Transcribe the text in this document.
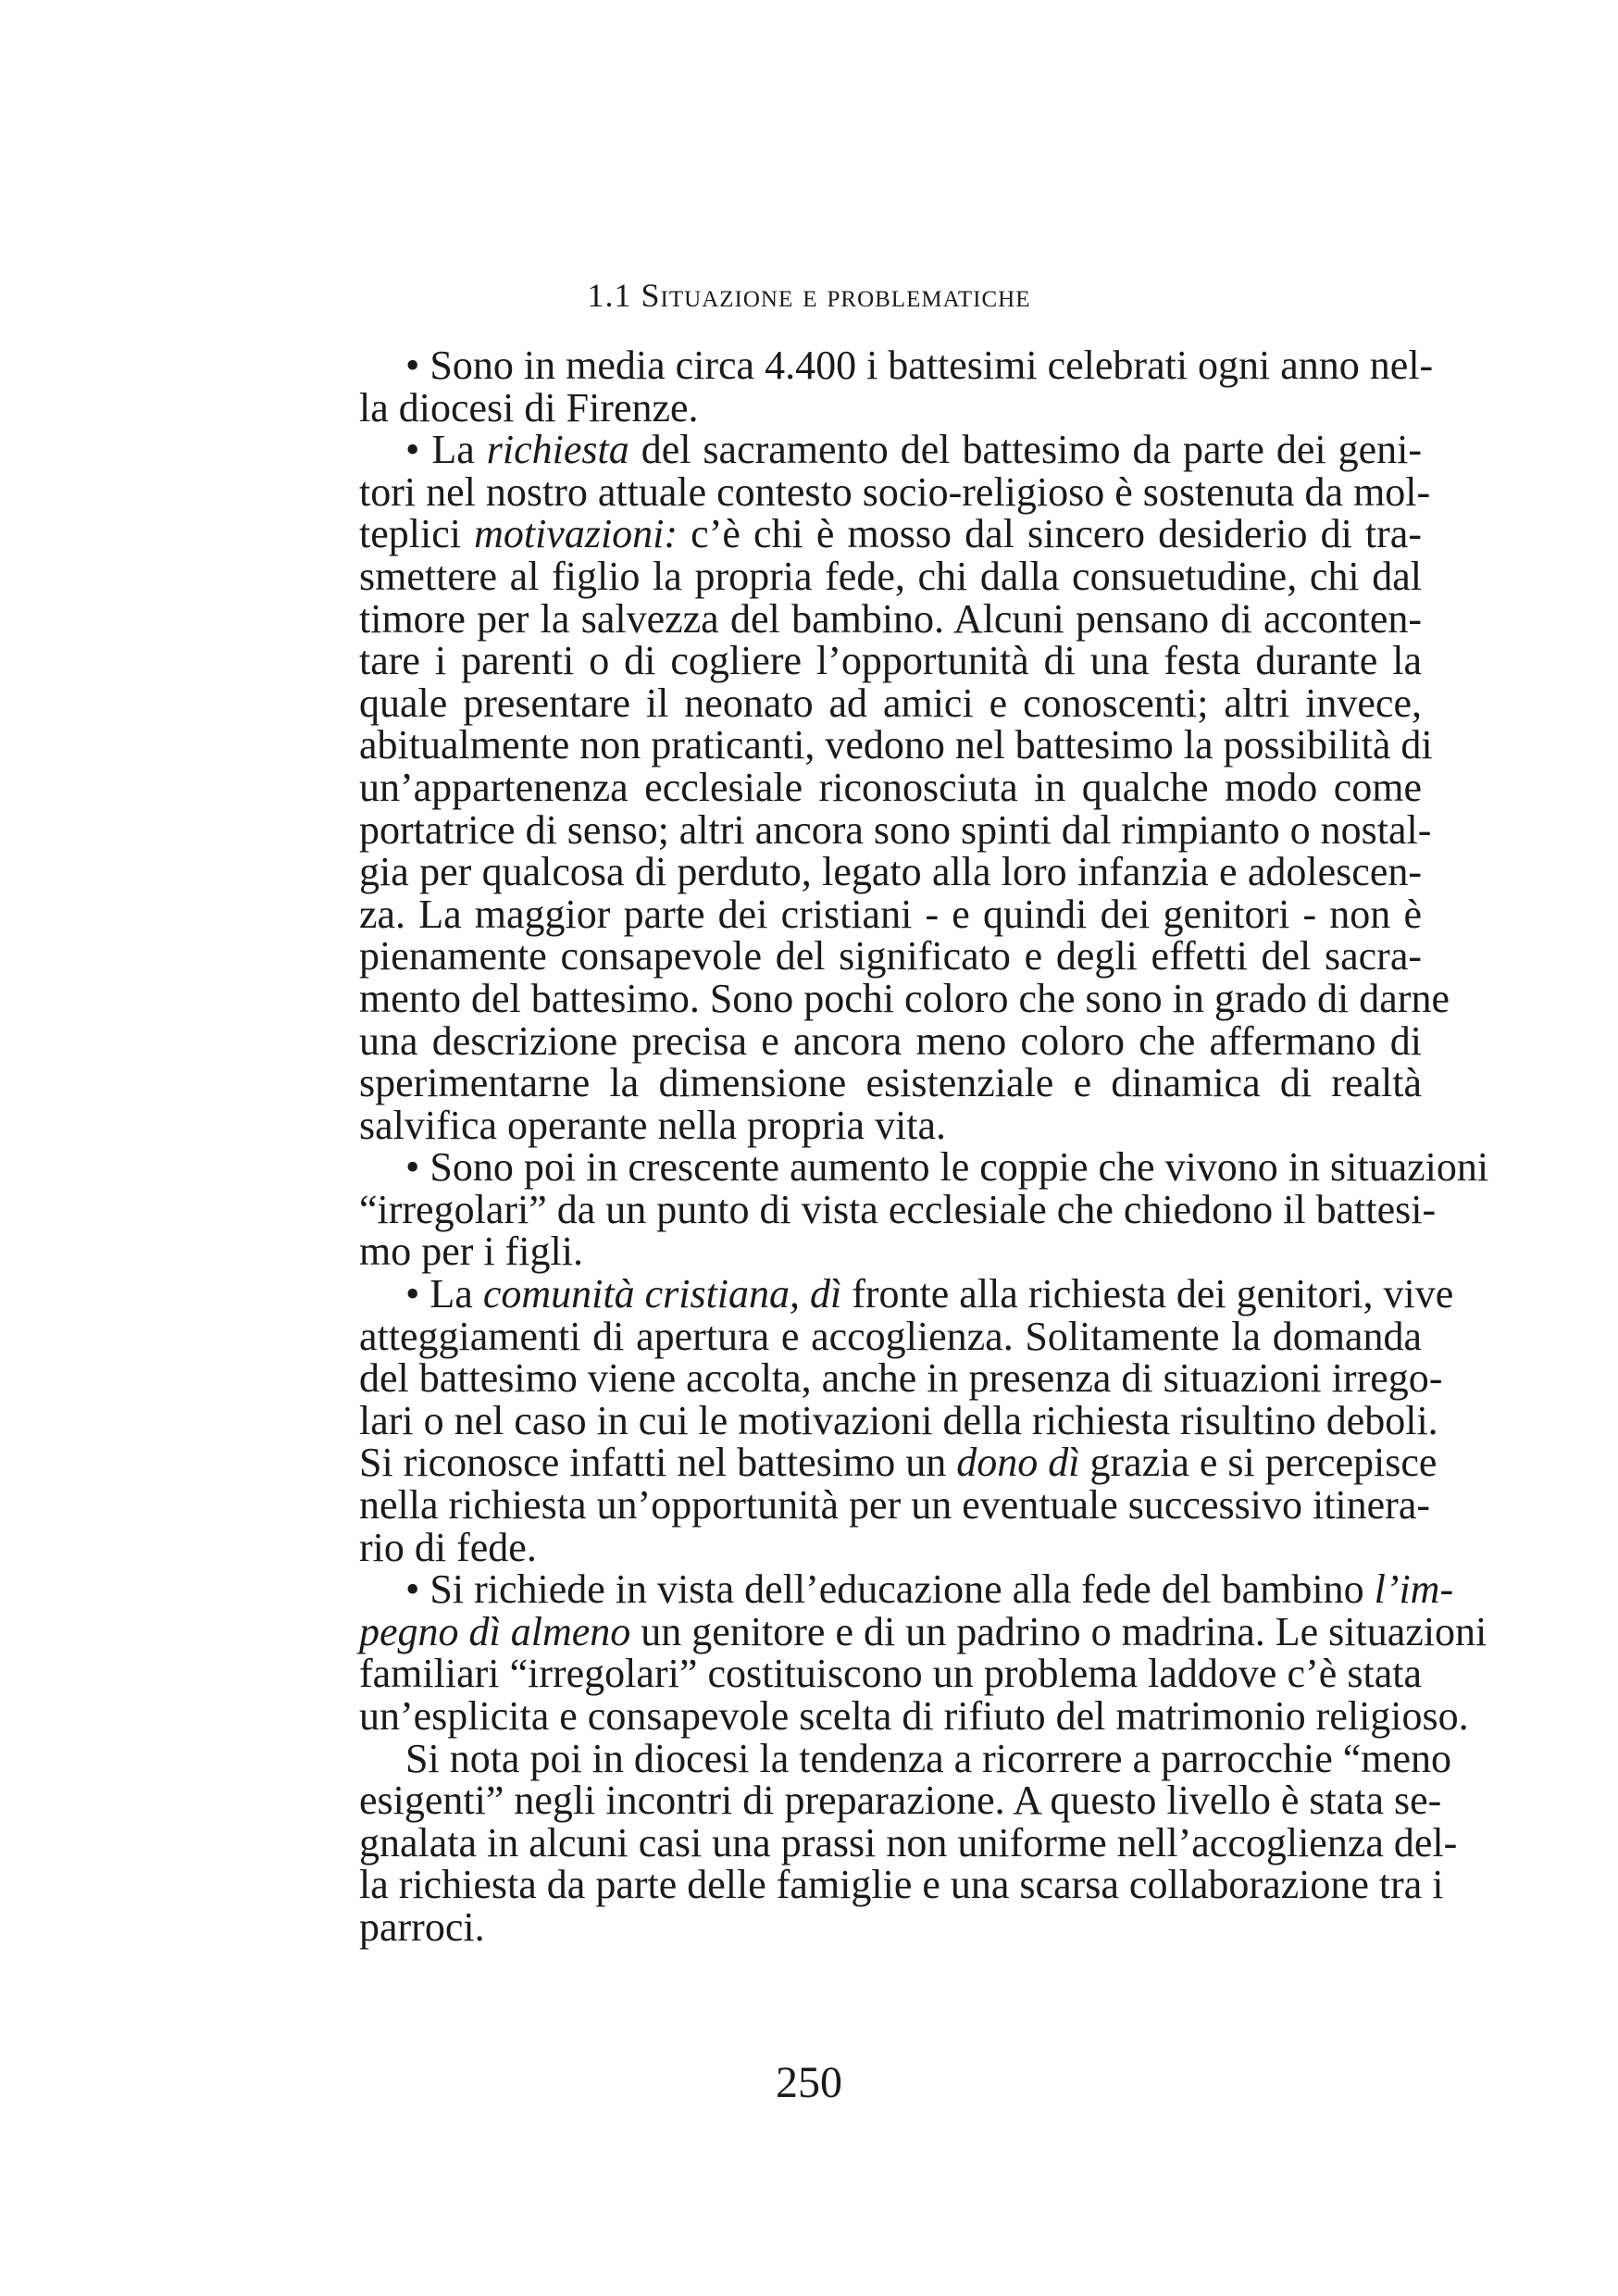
1.1 Situazione e problematiche

• Sono in media circa 4.400 i battesimi celebrati ogni anno nel-
la diocesi di Firenze.

• La richiesta del sacramento del battesimo da parte dei geni-
tori nel nostro attuale contesto socio-religioso è sostenuta da mol-
teplici motivazioni: c’è chi è mosso dal sincero desiderio di tra-
smettere al figlio la propria fede, chi dalla consuetudine, chi dal
timore per la salvezza del bambino. Alcuni pensano di acconten-
tare i parenti o di cogliere l’opportunità di una festa durante la
quale presentare il neonato ad amici e conoscenti; altri invece,
abitualmente non praticanti, vedono nel battesimo la possibilità di
un’appartenenza ecclesiale riconosciuta in qualche modo come
portatrice di senso; altri ancora sono spinti dal rimpianto o nostal-
gia per qualcosa di perduto, legato alla loro infanzia e adolescen-
za. La maggior parte dei cristiani - e quindi dei genitori - non è
pienamente consapevole del significato e degli effetti del sacra-
mento del battesimo. Sono pochi coloro che sono in grado di darne
una descrizione precisa e ancora meno coloro che affermano di
sperimentarne la dimensione esistenziale e dinamica di realtà
salvifica operante nella propria vita.

• Sono poi in crescente aumento le coppie che vivono in situazioni
“irregolari” da un punto di vista ecclesiale che chiedono il battesi-
mo per i figli.

• La comunità cristiana, dì fronte alla richiesta dei genitori, vive
atteggiamenti di apertura e accoglienza. Solitamente la domanda
del battesimo viene accolta, anche in presenza di situazioni irrego-
lari o nel caso in cui le motivazioni della richiesta risultino deboli.
Si riconosce infatti nel battesimo un dono dì grazia e si percepisce
nella richiesta un’opportunità per un eventuale successivo itinera-
rio di fede.

• Si richiede in vista dell’educazione alla fede del bambino l’im-
pegno dì almeno un genitore e di un padrino o madrina. Le situazioni
familiari “irregolari” costituiscono un problema laddove c’è stata
un’esplicita e consapevole scelta di rifiuto del matrimonio religioso.

Si nota poi in diocesi la tendenza a ricorrere a parrocchie “meno
esigenti” negli incontri di preparazione. A questo livello è stata se-
gnalata in alcuni casi una prassi non uniforme nell’accoglienza del-
la richiesta da parte delle famiglie e una scarsa collaborazione tra i
parroci.

250
